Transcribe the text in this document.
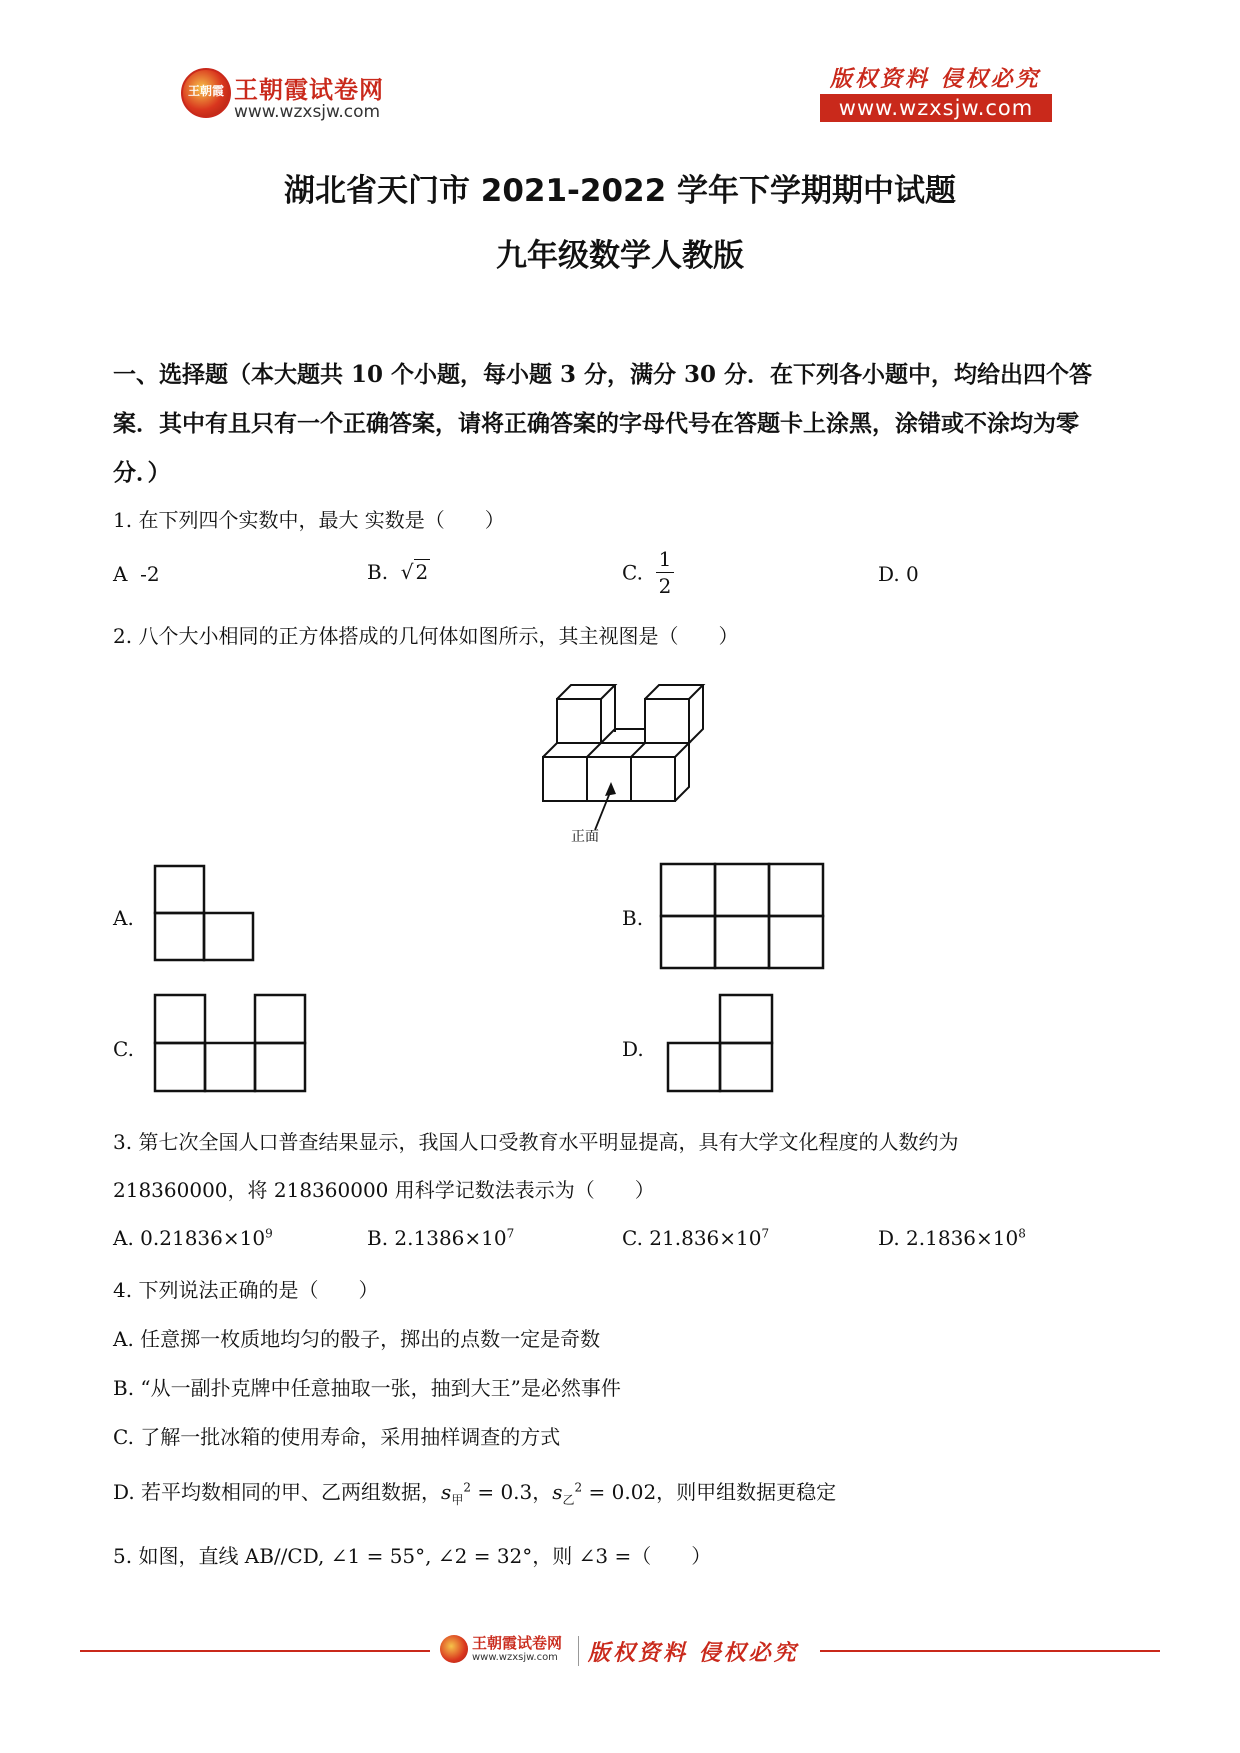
王朝霞 王朝霞试卷网
www.wzxsjw.com
版权资料 侵权必究
www.wzxsjw.com
湖北省天门市 2021-2022 学年下学期期中试题
九年级数学人教版
一、选择题（本大题共 10 个小题，每小题 3 分，满分 30 分．在下列各小题中，均给出四个答案．其中有且只有一个正确答案，请将正确答案的字母代号在答题卡上涂黑，涂错或不涂均为零分．）
1. 在下列四个实数中，最大 实数是（　　）
A -2	B. √ 2	C. $\frac{1}{2}$	D. 0
2. 八个大小相同的正方体搭成的几何体如图所示，其主视图是（　　）
正面
A.	B.
C.	D.
3. 第七次全国人口普查结果显示，我国人口受教育水平明显提高，具有大学文化程度的人数约为
218360000，将 218360000 用科学记数法表示为（　　）
A. $0.21836\times 10^9$	B. $2.1386\times 10^7$	C. $21.836\times 10^7$	D. $2.1836\times 10^8$
4. 下列说法正确的是（　　）
A. 任意掷一枚质地均匀的骰子，掷出的点数一定是奇数
B. “从一副扑克牌中任意抽取一张，抽到大王”是必然事件
C. 了解一批冰箱的使用寿命，采用抽样调查的方式
D. 若平均数相同的甲、乙两组数据，$s_甲^2 = 0.3$，$s_乙^2 = 0.02$，则甲组数据更稳定
5. 如图，直线 AB//CD, ∠1 = 55°, ∠2 = 32°，则 ∠3 =（　　）
王朝霞试卷网
www.wzxsjw.com 版权资料 侵权必究
